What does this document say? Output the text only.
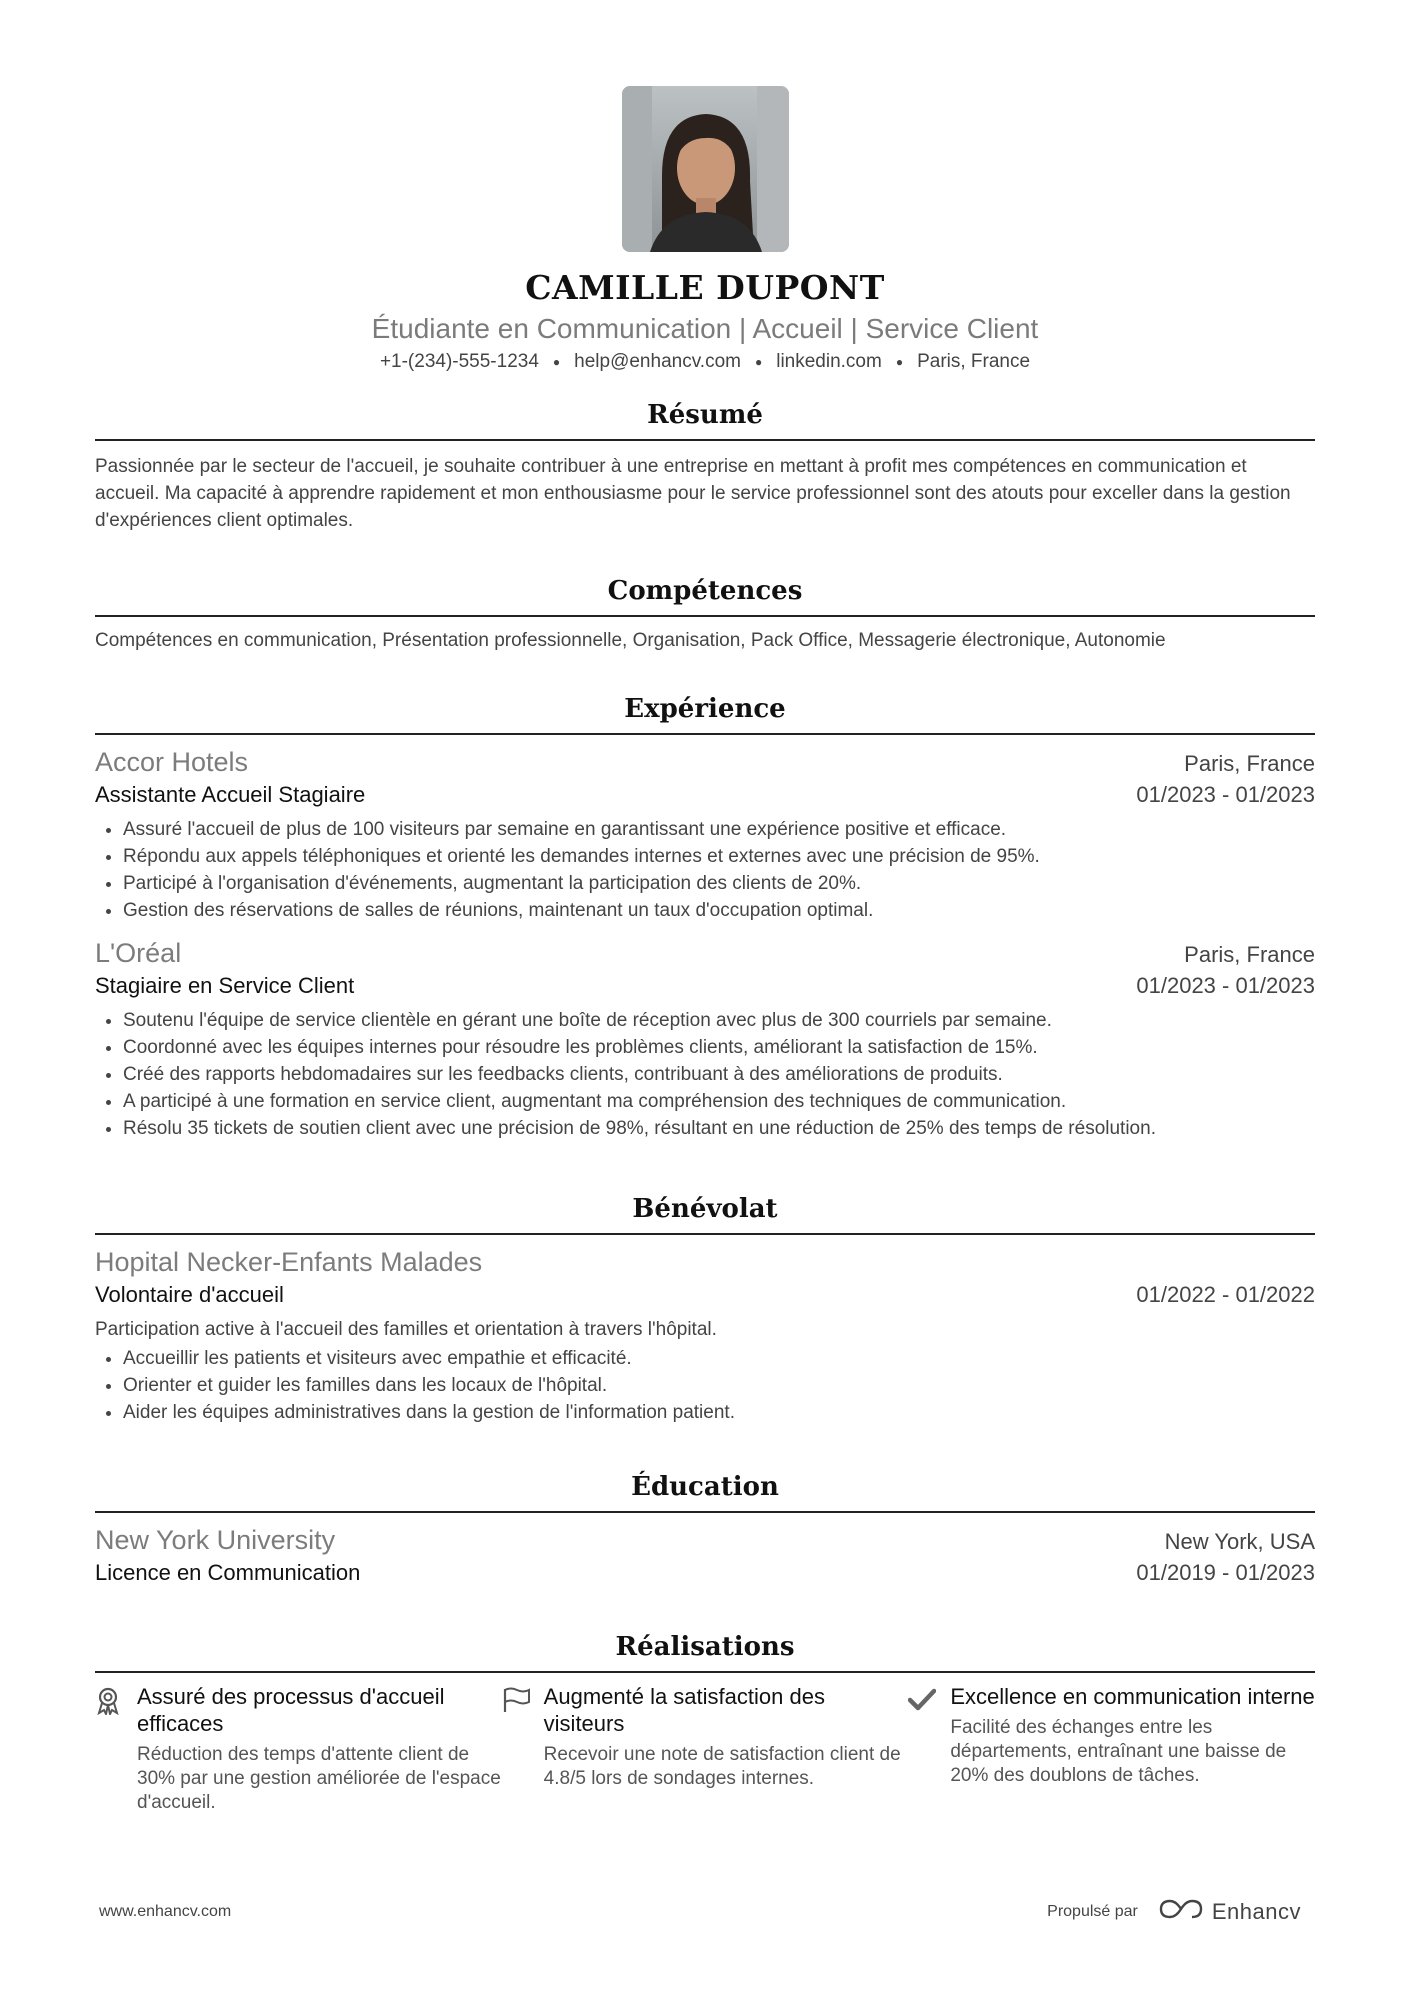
CAMILLE DUPONT
Étudiante en Communication | Accueil | Service Client
+1-(234)-555-1234 ● help@enhancv.com ● linkedin.com ● Paris, France
Résumé
Passionnée par le secteur de l'accueil, je souhaite contribuer à une entreprise en mettant à profit mes compétences en communication et accueil. Ma capacité à apprendre rapidement et mon enthousiasme pour le service professionnel sont des atouts pour exceller dans la gestion d'expériences client optimales.
Compétences
Compétences en communication, Présentation professionnelle, Organisation, Pack Office, Messagerie électronique, Autonomie
Expérience
Accor Hotels	Paris, France
Assistante Accueil Stagiaire	01/2023 - 01/2023
• Assuré l'accueil de plus de 100 visiteurs par semaine en garantissant une expérience positive et efficace.
• Répondu aux appels téléphoniques et orienté les demandes internes et externes avec une précision de 95%.
• Participé à l'organisation d'événements, augmentant la participation des clients de 20%.
• Gestion des réservations de salles de réunions, maintenant un taux d'occupation optimal.
L'Oréal	Paris, France
Stagiaire en Service Client	01/2023 - 01/2023
• Soutenu l'équipe de service clientèle en gérant une boîte de réception avec plus de 300 courriels par semaine.
• Coordonné avec les équipes internes pour résoudre les problèmes clients, améliorant la satisfaction de 15%.
• Créé des rapports hebdomadaires sur les feedbacks clients, contribuant à des améliorations de produits.
• A participé à une formation en service client, augmentant ma compréhension des techniques de communication.
• Résolu 35 tickets de soutien client avec une précision de 98%, résultant en une réduction de 25% des temps de résolution.
Bénévolat
Hopital Necker-Enfants Malades
Volontaire d'accueil	01/2022 - 01/2022
Participation active à l'accueil des familles et orientation à travers l'hôpital.
• Accueillir les patients et visiteurs avec empathie et efficacité.
• Orienter et guider les familles dans les locaux de l'hôpital.
• Aider les équipes administratives dans la gestion de l'information patient.
Éducation
New York University	New York, USA
Licence en Communication	01/2019 - 01/2023
Réalisations
Assuré des processus d'accueil efficaces
Réduction des temps d'attente client de 30% par une gestion améliorée de l'espace d'accueil.
Augmenté la satisfaction des visiteurs
Recevoir une note de satisfaction client de 4.8/5 lors de sondages internes.
Excellence en communication interne
Facilité des échanges entre les départements, entraînant une baisse de 20% des doublons de tâches.
www.enhancv.com	Propulsé par	Enhancv
